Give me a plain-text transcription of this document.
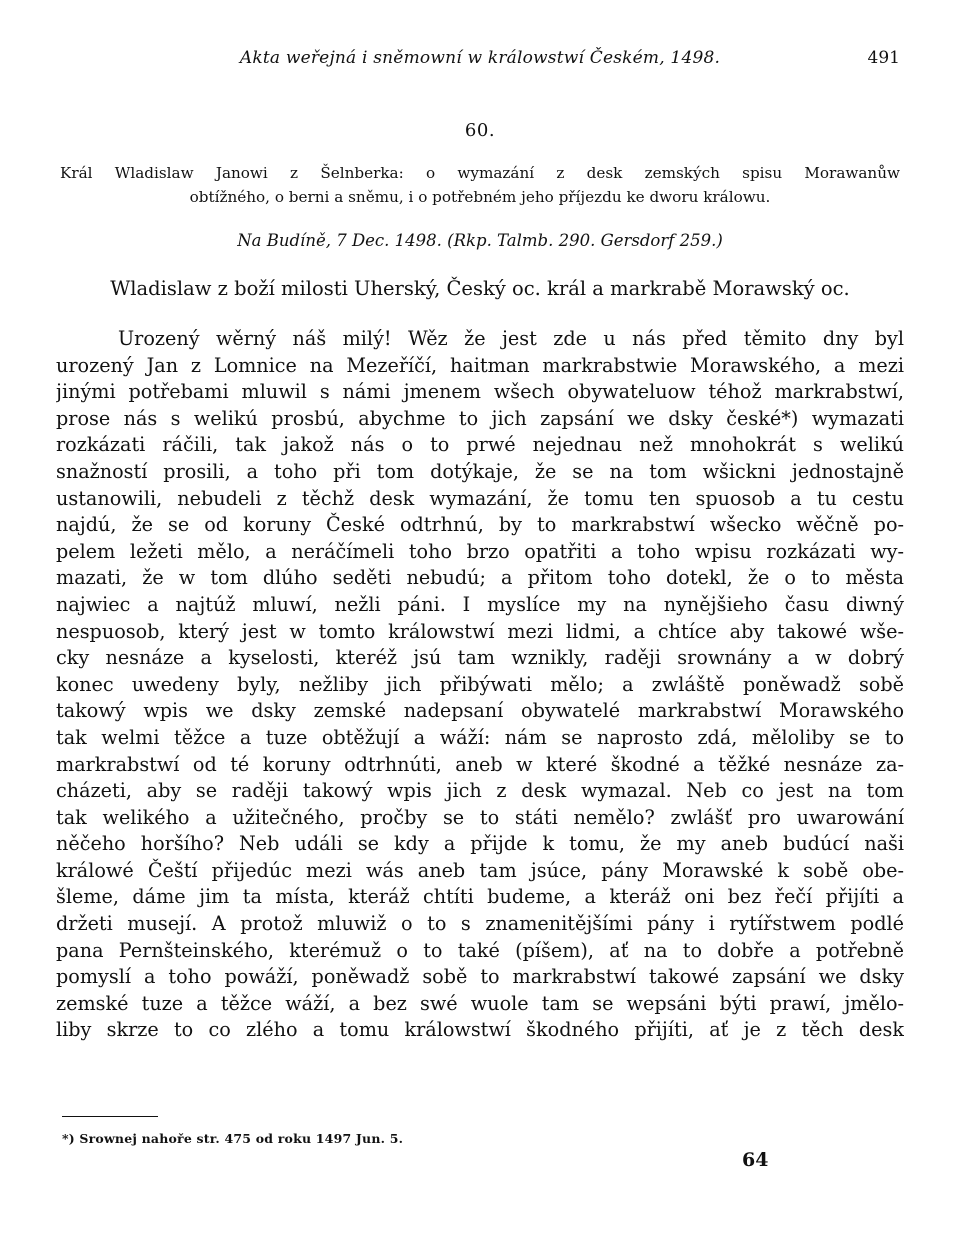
Akta weřejná i sněmowní w králowstwí Českém, 1498.	491
60.
Král Wladislaw Janowi z Šelnberka: o wymazání z desk zemských spisu Morawanůw
obtížného, o berni a sněmu, i o potřebném jeho příjezdu ke dworu králowu.
Na Budíně, 7 Dec. 1498. (Rkp. Talmb. 290. Gersdorf 259.)
Wladislaw z boží milosti Uherský, Český oc. král a markrabě Morawský oc.
Urozený wěrný náš milý! Wěz že jest zde u nás před těmito dny byl
urozený Jan z Lomnice na Mezeříčí, haitman markrabstwie Morawského, a mezi
jinými potřebami mluwil s námi jmenem wšech obywateluow téhož markrabstwí,
prose nás s welikú prosbú, abychme to jich zapsání we dsky české*) wymazati
rozkázati ráčili, tak jakož nás o to prwé nejednau než mnohokrát s welikú
snažností prosili, a toho při tom dotýkaje, že se na tom wšickni jednostajně
ustanowili, nebudeli z těchž desk wymazání, že tomu ten spuosob a tu cestu
najdú, že se od koruny České odtrhnú, by to markrabstwí wšecko wěčně po-
pelem ležeti mělo, a neráčímeli toho brzo opatřiti a toho wpisu rozkázati wy-
mazati, že w tom dlúho seděti nebudú; a přitom toho dotekl, že o to města
najwiec a najtúž mluwí, nežli páni. I myslíce my na nynějšieho času diwný
nespuosob, který jest w tomto králowstwí mezi lidmi, a chtíce aby takowé wše-
cky nesnáze a kyselosti, kteréž jsú tam wznikly, raději srownány a w dobrý
konec uwedeny byly, nežliby jich přibýwati mělo; a zwláště poněwadž sobě
takowý wpis we dsky zemské nadepsaní obywatelé markrabstwí Morawského
tak welmi těžce a tuze obtěžují a wáží: nám se naprosto zdá, měloliby se to
markrabstwí od té koruny odtrhnúti, aneb w které škodné a těžké nesnáze za-
cházeti, aby se raději takowý wpis jich z desk wymazal. Neb co jest na tom
tak welikého a užitečného, pročby se to státi nemělo? zwlášť pro uwarowání
něčeho horšího? Neb událi se kdy a přijde k tomu, že my aneb budúcí naši
králowé Čeští přijedúc mezi wás aneb tam jsúce, pány Morawské k sobě obe-
šleme, dáme jim ta místa, kteráž chtíti budeme, a kteráž oni bez řečí přijíti a
držeti musejí. A protož mluwiž o to s znamenitějšími pány i rytířstwem podlé
pana Pernšteinského, kterémuž o to také (píšem), ať na to dobře a potřebně
pomyslí a toho powáží, poněwadž sobě to markrabstwí takowé zapsání we dsky
zemské tuze a těžce wáží, a bez swé wuole tam se wepsáni býti prawí, jmělo-
liby skrze to co zlého a tomu králowstwí škodného přijíti, ať je z těch desk
*) Srownej nahoře str. 475 od roku 1497 Jun. 5.
64
